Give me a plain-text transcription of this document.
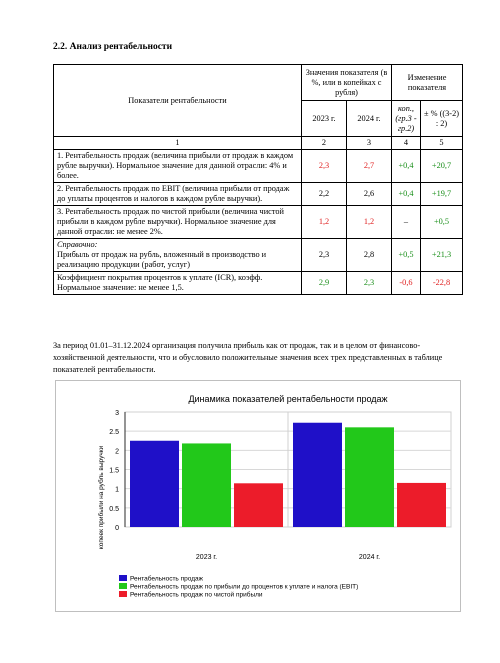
2.2. Анализ рентабельности
Показатели рентабельности	Значения показателя (в %, или в копейках с рубля)		Изменение показателя	
	2023 г.	2024 г.	коп., (гр.3 - гр.2)	± % ((3-2) : 2)
1	2	3	4	5
1. Рентабельность продаж (величина прибыли от продаж в каждом рубле выручки). Нормальное значение для данной отрасли: 4% и более.	2,3	2,7	+0,4	+20,7
2. Рентабельность продаж по EBIT (величина прибыли от продаж до уплаты процентов и налогов в каждом рубле выручки).	2,2	2,6	+0,4	+19,7
3. Рентабельность продаж по чистой прибыли (величина чистой прибыли в каждом рубле выручки). Нормальное значение для данной отрасли: не менее 2%.	1,2	1,2	–	+0,5
Справочно:
Прибыль от продаж на рубль, вложенный в производство и реализацию продукции (работ, услуг)	2,3	2,8	+0,5	+21,3
Коэффициент покрытия процентов к уплате (ICR), коэфф. Нормальное значение: не менее 1,5.	2,9	2,3	-0,6	-22,8

За период 01.01–31.12.2024 организация получила прибыль как от продаж, так и в целом от финансово-хозяйственной деятельности, что и обусловило положительные значения всех трех представленных в таблице показателей рентабельности.

0
0.5
1
1.5
2
2.5
3
2023 г.	2024 г.
Динамика показателей рентабельности продаж
копеек прибыли на рубль выручки
Рентабельность продаж
Рентабельность продаж по прибыли до процентов к уплате и налога (EBIT)
Рентабельность продаж по чистой прибыли
